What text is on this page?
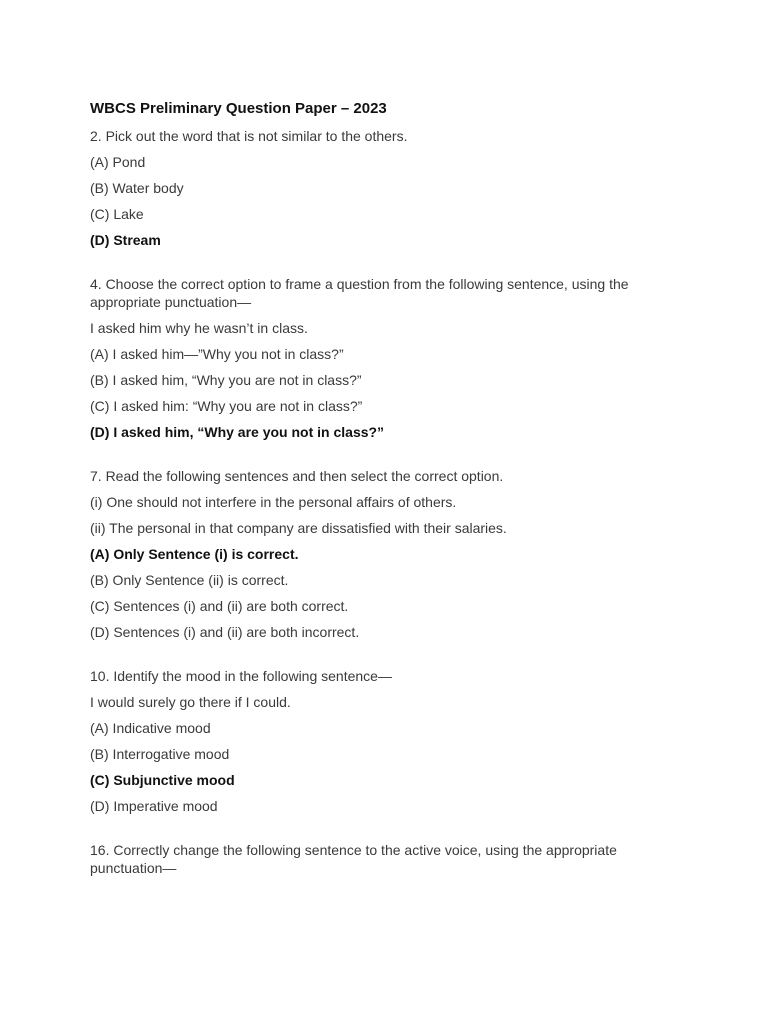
WBCS Preliminary Question Paper – 2023
2. Pick out the word that is not similar to the others.
(A) Pond
(B) Water body
(C) Lake
(D) Stream
4. Choose the correct option to frame a question from the following sentence, using the appropriate punctuation—
I asked him why he wasn’t in class.
(A) I asked him—”Why you not in class?”
(B) I asked him, “Why you are not in class?”
(C) I asked him: “Why you are not in class?”
(D) I asked him, “Why are you not in class?”
7. Read the following sentences and then select the correct option.
(i) One should not interfere in the personal affairs of others.
(ii) The personal in that company are dissatisfied with their salaries.
(A) Only Sentence (i) is correct.
(B) Only Sentence (ii) is correct.
(C) Sentences (i) and (ii) are both correct.
(D) Sentences (i) and (ii) are both incorrect.
10. Identify the mood in the following sentence—
I would surely go there if I could.
(A) Indicative mood
(B) Interrogative mood
(C) Subjunctive mood
(D) Imperative mood
16. Correctly change the following sentence to the active voice, using the appropriate punctuation—
